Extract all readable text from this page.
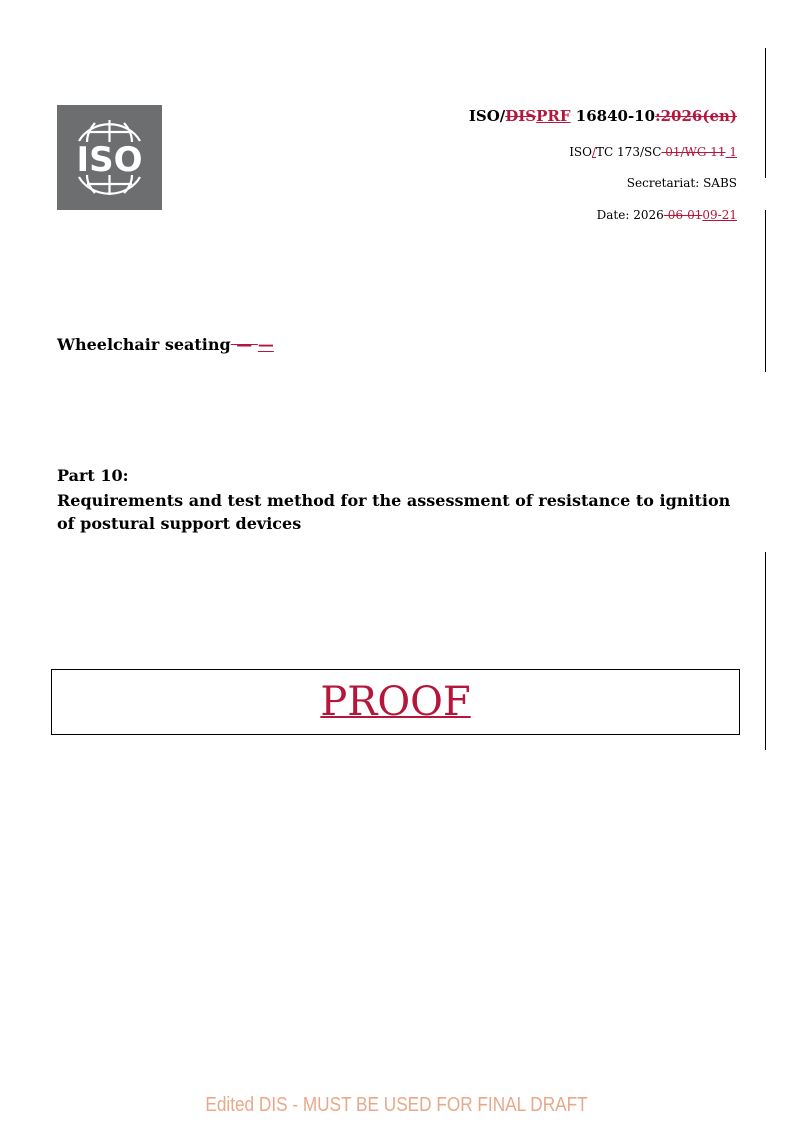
ISO
ISO/DISPRF 16840-10:2026(en)
ISO/TC 173/SC 01/WG 11 1
Secretariat: SABS
Date: 2026-06-0109-21
Wheelchair seating — —
Part 10:
Requirements and test method for the assessment of resistance to ignition of postural support devices
PROOF
Edited DIS - MUST BE USED FOR FINAL DRAFT
